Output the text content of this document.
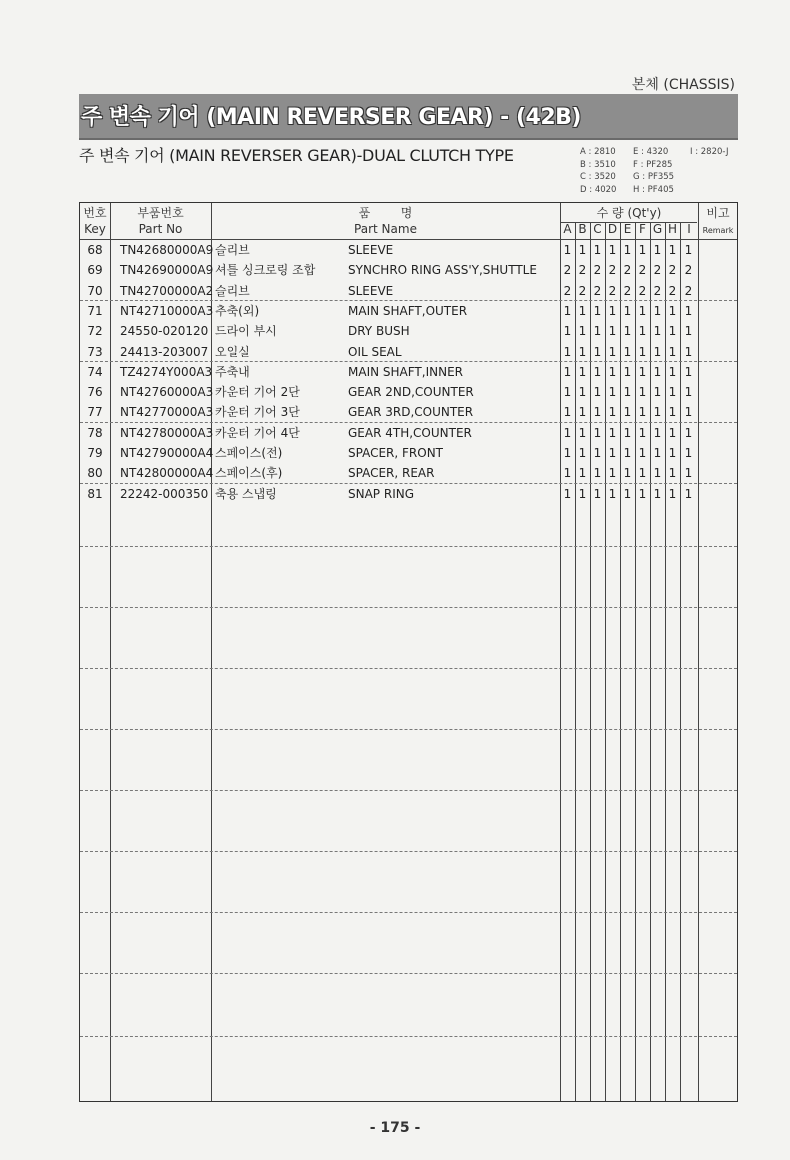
본체 (CHASSIS)
주 변속 기어 (MAIN REVERSER GEAR) - (42B)
주 변속 기어 (MAIN REVERSER GEAR)-DUAL CLUTCH TYPE	A : 2810
B : 3510
C : 3520
D : 4020
E : 4320
F : PF285
G : PF355
H : PF405
I : 2820-J
번호
Key
부품번호
Part No
품        명
Part Name
수 량 (Qt'y)	비고
Remark
A B C D E F G H I
68	TN42680000A9 슬리브	SLEEVE	1 1 1 1 1 1 1 1 1
69	TN42690000A9 셔틀 싱크로링 조합	SYNCHRO RING ASS'Y,SHUTTLE	2 2 2 2 2 2 2 2 2
70	TN42700000A2 슬리브	SLEEVE	2 2 2 2 2 2 2 2 2
71	NT42710000A3 추축(외)	MAIN SHAFT,OUTER	1 1 1 1 1 1 1 1 1
72	24550-020120 드라이 부시	DRY BUSH	1 1 1 1 1 1 1 1 1
73	24413-203007 오일실	OIL SEAL	1 1 1 1 1 1 1 1 1
74	TZ4274Y000A3 주축내	MAIN SHAFT,INNER	1 1 1 1 1 1 1 1 1
76	NT42760000A3 카운터 기어 2단	GEAR 2ND,COUNTER	1 1 1 1 1 1 1 1 1
77	NT42770000A3 카운터 기어 3단	GEAR 3RD,COUNTER	1 1 1 1 1 1 1 1 1
78	NT42780000A3 카운터 기어 4단	GEAR 4TH,COUNTER	1 1 1 1 1 1 1 1 1
79	NT42790000A4 스페이스(전)	SPACER, FRONT	1 1 1 1 1 1 1 1 1
80	NT42800000A4 스페이스(후)	SPACER, REAR	1 1 1 1 1 1 1 1 1
81	22242-000350 축용 스냅링	SNAP RING	1 1 1 1 1 1 1 1 1
- 175 -
